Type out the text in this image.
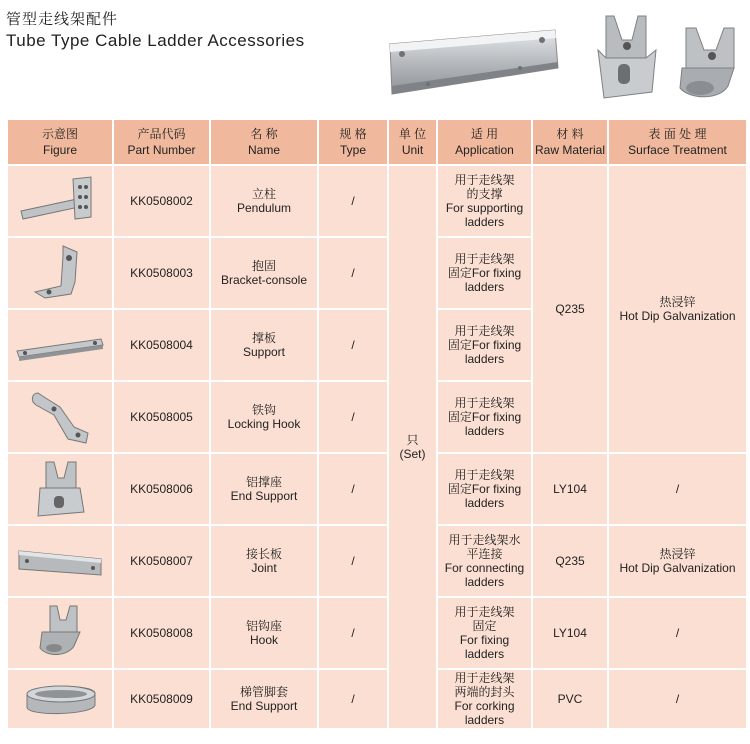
管型走线架配件
Tube Type Cable Ladder Accessories
示意图
Figure	产品代码
Part Number	名 称
Name	规 格
Type	单 位
Unit	适 用
Application	材 料
Raw Material	表 面 处 理
Surface Treatment

	KK0508002	立柱
Pendulum	/	只
(Set)	用于走线架
的支撑
For supporting
ladders	Q235	热浸锌
Hot Dip Galvanization

	KK0508003	抱固
Bracket-console	/		用于走线架
固定For fixing
ladders		

	KK0508004	撑板
Support	/		用于走线架
固定For fixing
ladders		

	KK0508005	铁钩
Locking Hook	/		用于走线架
固定For fixing
ladders		

	KK0508006	铝撑座
End Support	/		用于走线架
固定For fixing
ladders	LY104	/

	KK0508007	接长板
Joint	/		用于走线架水
平连接
For connecting
ladders	Q235	热浸锌
Hot Dip Galvanization

	KK0508008	铝钩座
Hook	/		用于走线架
固定
For fixing
ladders	LY104	/

	KK0508009	梯管脚套
End Support	/		用于走线架
两端的封头
For corking
ladders	PVC	/
